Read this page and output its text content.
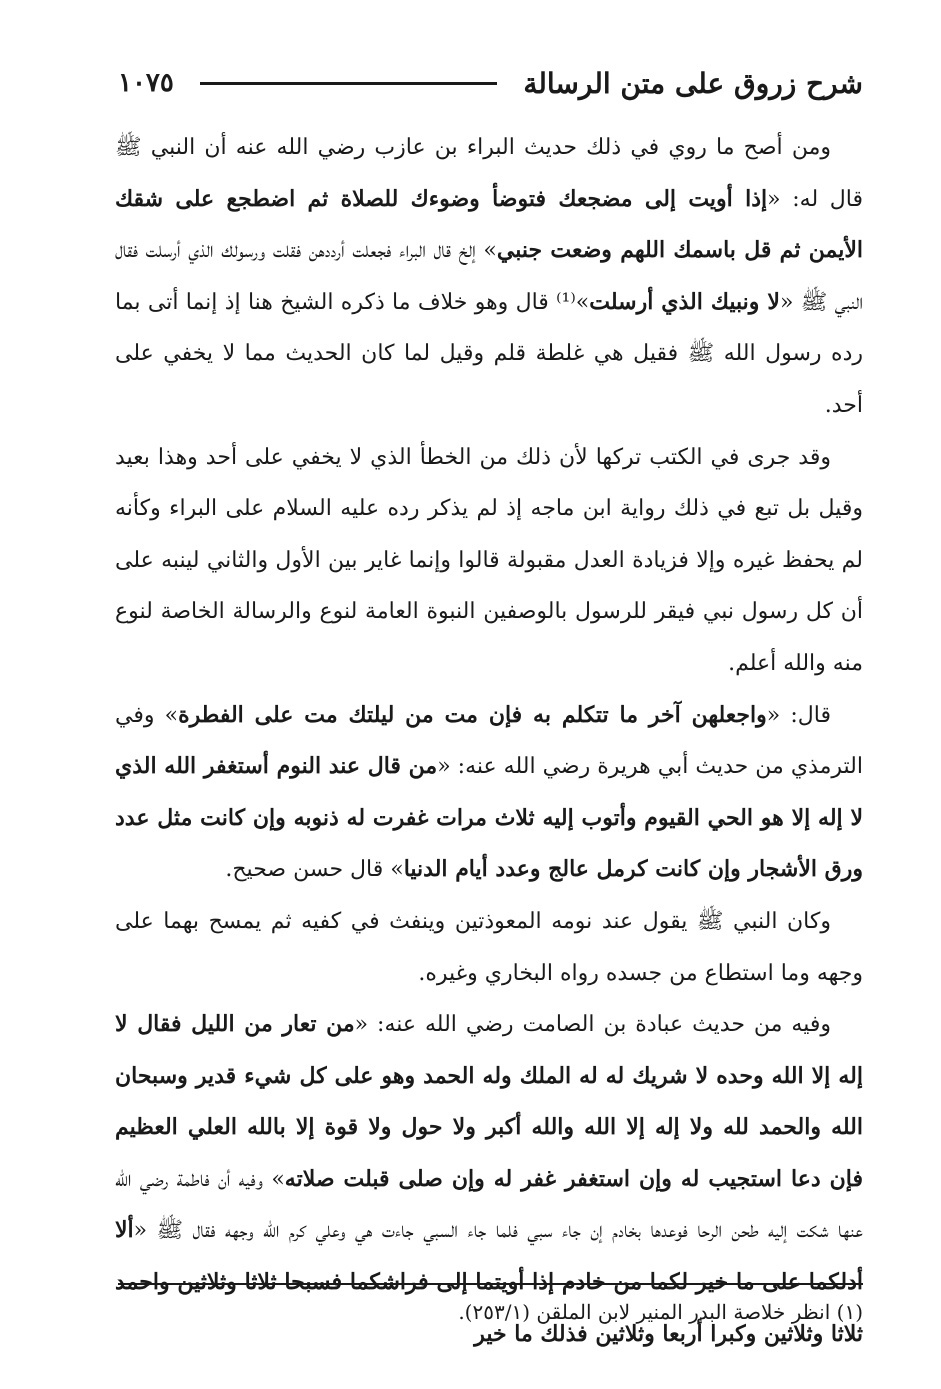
شرح زروق على متن الرسالة
١٠٧٥

ومن أصح ما روي في ذلك حديث البراء بن عازب رضي الله عنه أن النبي ﷺ قال له: «إذا أويت إلى مضجعك فتوضأ وضوءك للصلاة ثم اضطجع على شقك الأيمن ثم قل باسمك اللهم وضعت جنبي» إلخ قال البراء فجعلت أرددهن فقلت ورسولك الذي أرسلت فقال النبي ﷺ «لا ونبيك الذي أرسلت»⁽¹⁾ قال وهو خلاف ما ذكره الشيخ هنا إذ إنما أتى بما رده رسول الله ﷺ فقيل هي غلطة قلم وقيل لما كان الحديث مما لا يخفي على أحد.

وقد جرى في الكتب تركها لأن ذلك من الخطأ الذي لا يخفي على أحد وهذا بعيد وقيل بل تبع في ذلك رواية ابن ماجه إذ لم يذكر رده عليه السلام على البراء وكأنه لم يحفظ غيره وإلا فزيادة العدل مقبولة قالوا وإنما غاير بين الأول والثاني لينبه على أن كل رسول نبي فيقر للرسول بالوصفين النبوة العامة لنوع والرسالة الخاصة لنوع منه والله أعلم.

قال: «واجعلهن آخر ما تتكلم به فإن مت من ليلتك مت على الفطرة» وفي الترمذي من حديث أبي هريرة رضي الله عنه: «من قال عند النوم أستغفر الله الذي لا إله إلا هو الحي القيوم وأتوب إليه ثلاث مرات غفرت له ذنوبه وإن كانت مثل عدد ورق الأشجار وإن كانت كرمل عالج وعدد أيام الدنيا» قال حسن صحيح.

وكان النبي ﷺ يقول عند نومه المعوذتين وينفث في كفيه ثم يمسح بهما على وجهه وما استطاع من جسده رواه البخاري وغيره.

وفيه من حديث عبادة بن الصامت رضي الله عنه: «من تعار من الليل فقال لا إله إلا الله وحده لا شريك له له الملك وله الحمد وهو على كل شيء قدير وسبحان الله والحمد لله ولا إله إلا الله والله أكبر ولا حول ولا قوة إلا بالله العلي العظيم فإن دعا استجيب له وإن استغفر غفر له وإن صلى قبلت صلاته» وفيه أن فاطمة رضي الله عنها شكت إليه طحن الرحا فوعدها بخادم إن جاء سبي فلما جاء السبي جاءت هي وعلي كرم الله وجهه فقال ﷺ «ألا أدلكما على ما خير لكما من خادم إذا أويتما إلى فراشكما فسبحا ثلاثا وثلاثين واحمد ثلاثا وثلاثين وكبرا أربعا وثلاثين فذلك ما خير

(١) انظر خلاصة البدر المنير لابن الملقن (٢٥٣/١).
